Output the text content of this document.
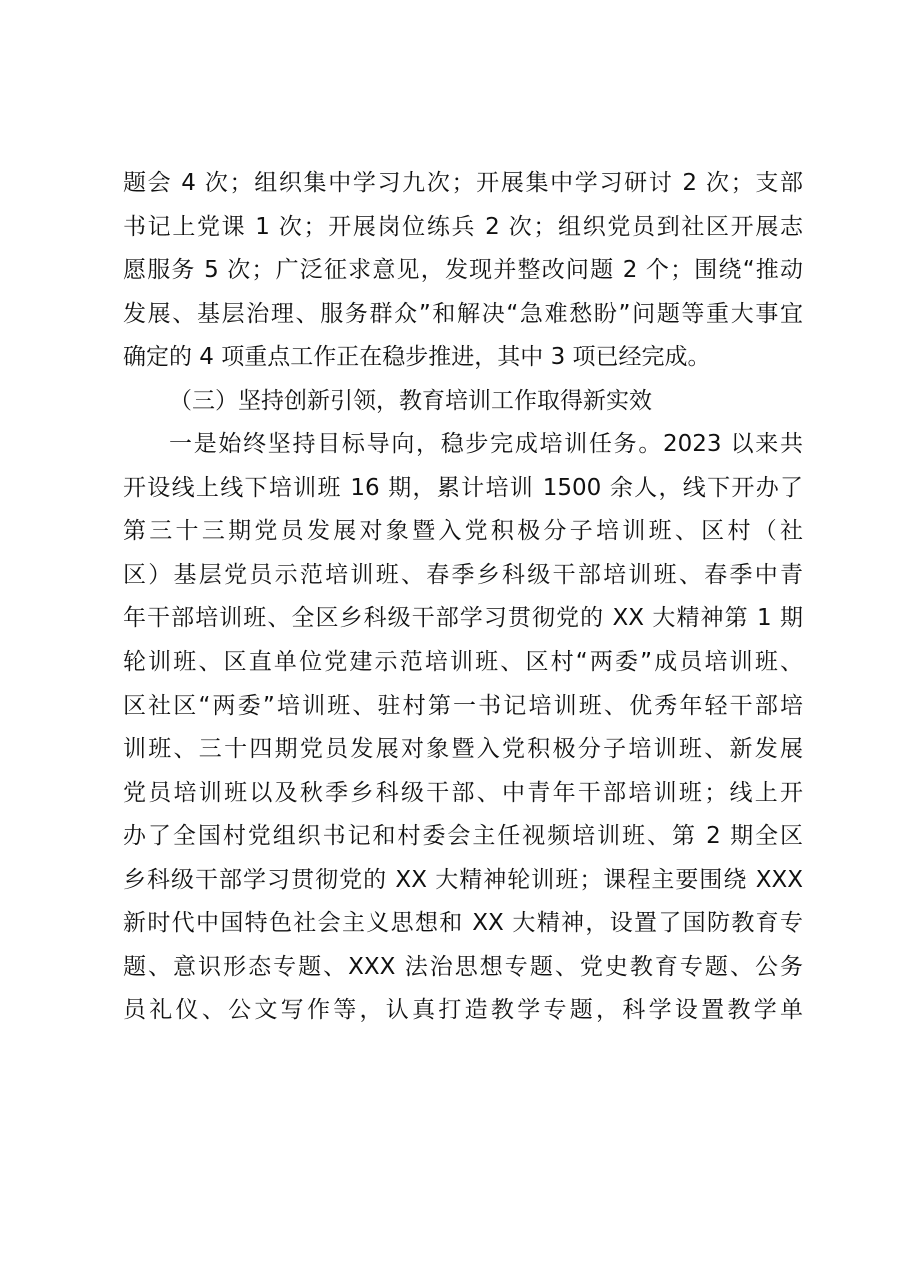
题会 4 次；组织集中学习九次；开展集中学习研讨 2 次；支部
书记上党课 1 次；开展岗位练兵 2 次；组织党员到社区开展志
愿服务 5 次；广泛征求意见，发现并整改问题 2 个；围绕“推动
发展、基层治理、服务群众”和解决“急难愁盼”问题等重大事宜
确定的 4 项重点工作正在稳步推进，其中 3 项已经完成。
（三）坚持创新引领，教育培训工作取得新实效
一是始终坚持目标导向，稳步完成培训任务。2023 以来共
开设线上线下培训班 16 期，累计培训 1500 余人，线下开办了
第三十三期党员发展对象暨入党积极分子培训班、区村（社
区）基层党员示范培训班、春季乡科级干部培训班、春季中青
年干部培训班、全区乡科级干部学习贯彻党的 XX 大精神第 1 期
轮训班、区直单位党建示范培训班、区村“两委”成员培训班、
区社区“两委”培训班、驻村第一书记培训班、优秀年轻干部培
训班、三十四期党员发展对象暨入党积极分子培训班、新发展
党员培训班以及秋季乡科级干部、中青年干部培训班；线上开
办了全国村党组织书记和村委会主任视频培训班、第 2 期全区
乡科级干部学习贯彻党的 XX 大精神轮训班；课程主要围绕 XXX
新时代中国特色社会主义思想和 XX 大精神，设置了国防教育专
题、意识形态专题、XXX 法治思想专题、党史教育专题、公务
员礼仪、公文写作等，认真打造教学专题，科学设置教学单
